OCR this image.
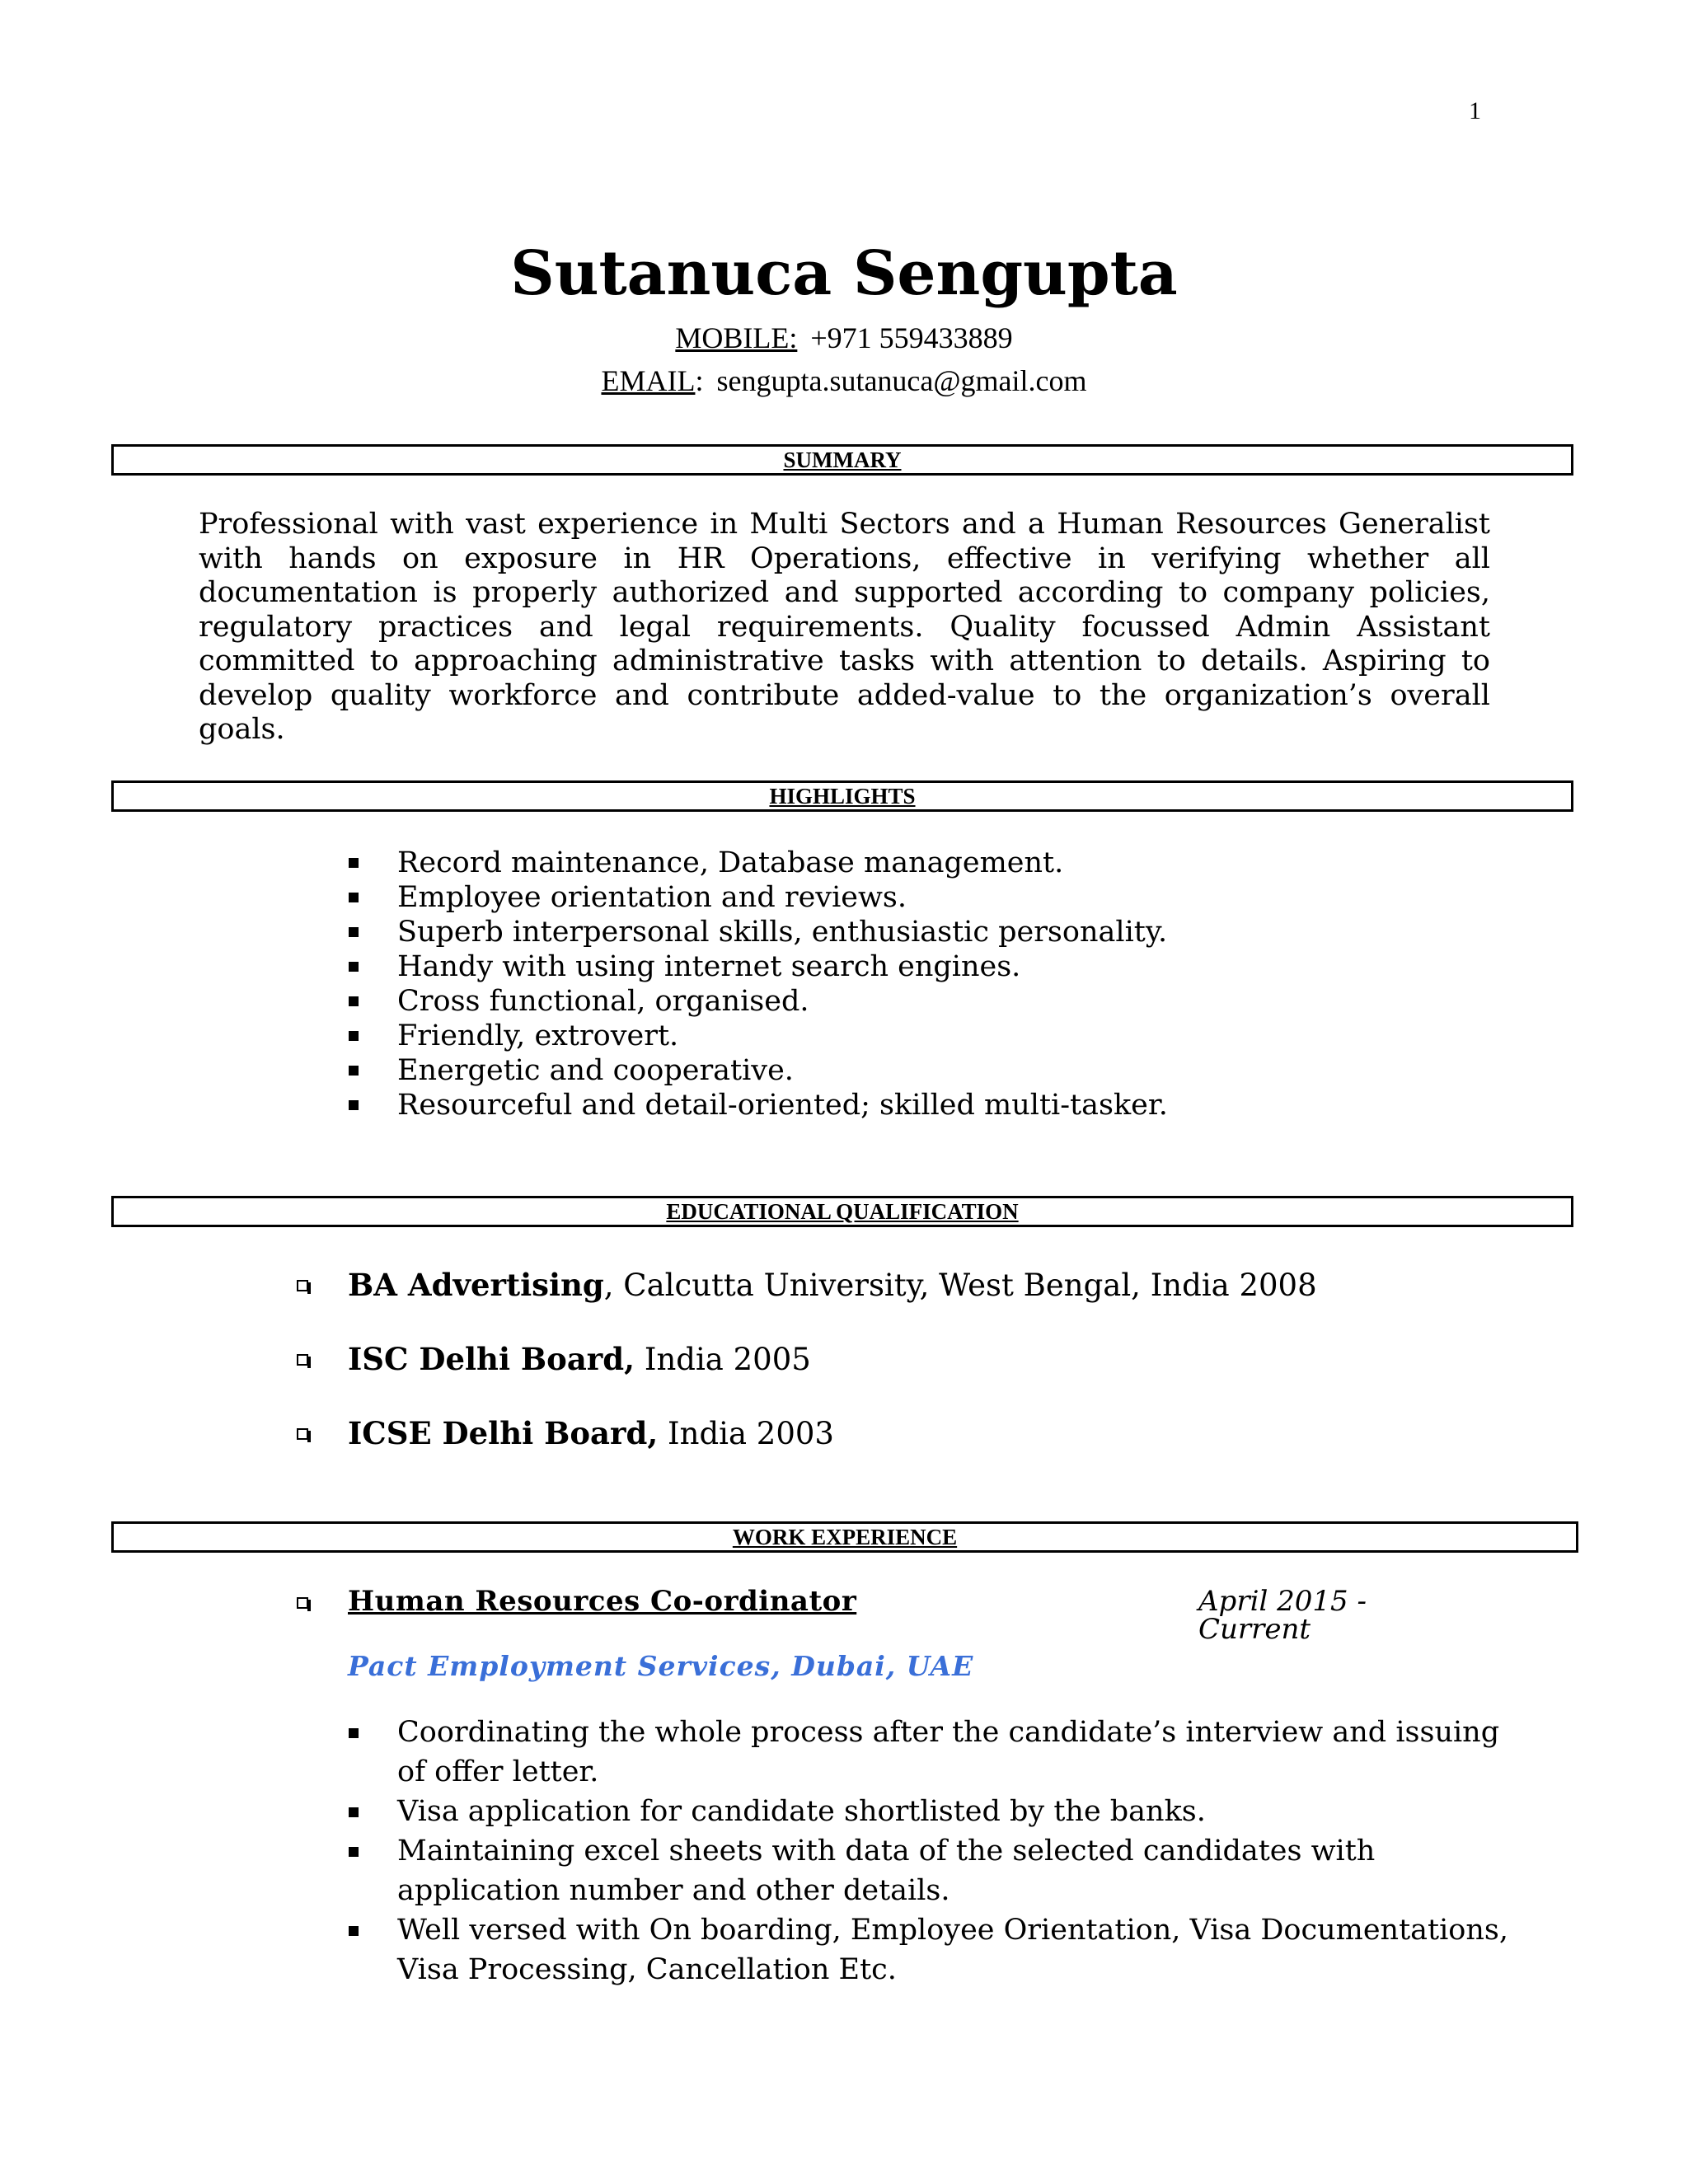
1
Sutanuca Sengupta
MOBILE: +971 559433889
EMAIL: sengupta.sutanuca@gmail.com
SUMMARY
Professional with vast experience in Multi Sectors and a Human Resources Generalist with hands on exposure in HR Operations, effective in verifying whether all documentation is properly authorized and supported according to company policies, regulatory practices and legal requirements. Quality focussed Admin Assistant committed to approaching administrative tasks with attention to details. Aspiring to develop quality workforce and contribute added-value to the organization’s overall goals.
HIGHLIGHTS
Record maintenance, Database management.
Employee orientation and reviews.
Superb interpersonal skills, enthusiastic personality.
Handy with using internet search engines.
Cross functional, organised.
Friendly, extrovert.
Energetic and cooperative.
Resourceful and detail-oriented; skilled multi-tasker.
EDUCATIONAL QUALIFICATION
BA Advertising, Calcutta University, West Bengal, India 2008
ISC Delhi Board, India 2005
ICSE Delhi Board, India 2003
WORK EXPERIENCE
Human Resources Co-ordinator	April 2015 - Current
Pact Employment Services, Dubai, UAE
Coordinating the whole process after the candidate’s interview and issuing of offer letter.
Visa application for candidate shortlisted by the banks.
Maintaining excel sheets with data of the selected candidates with application number and other details.
Well versed with On boarding, Employee Orientation, Visa Documentations, Visa Processing, Cancellation Etc.
